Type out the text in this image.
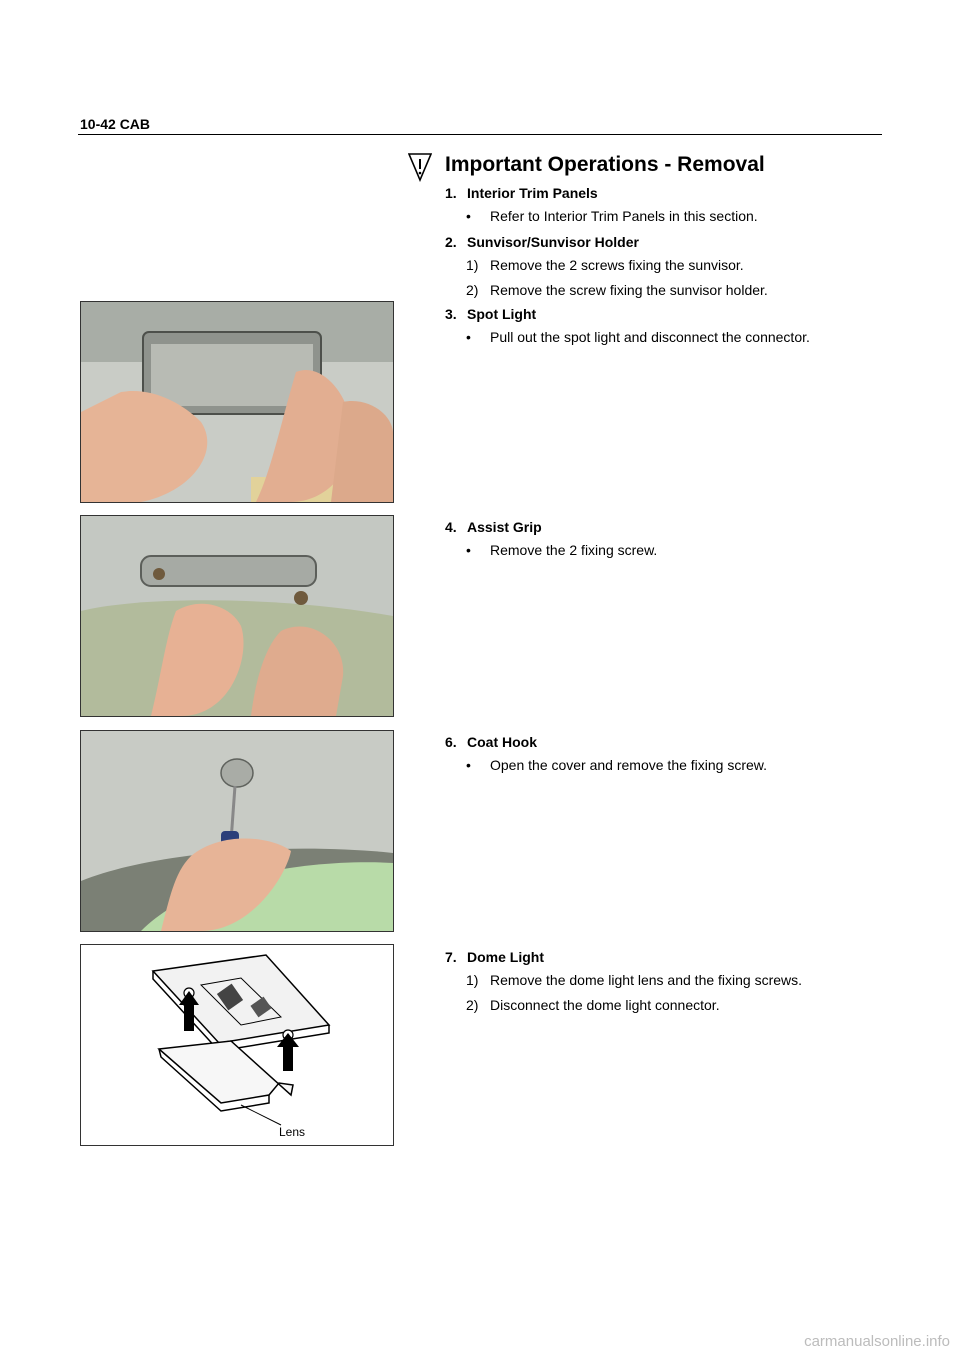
10-42 CAB
Important Operations - Removal
1. Interior Trim Panels
• Refer to Interior Trim Panels in this section.
2. Sunvisor/Sunvisor Holder
1) Remove the 2 screws fixing the sunvisor.
2) Remove the screw fixing the sunvisor holder.
3. Spot Light
• Pull out the spot light and disconnect the connector.
4. Assist Grip
• Remove the 2 fixing screw.
6. Coat Hook
• Open the cover and remove the fixing screw.
7. Dome Light
1) Remove the dome light lens and the fixing screws.
2) Disconnect the dome light connector.
Lens
carmanualsonline.info
